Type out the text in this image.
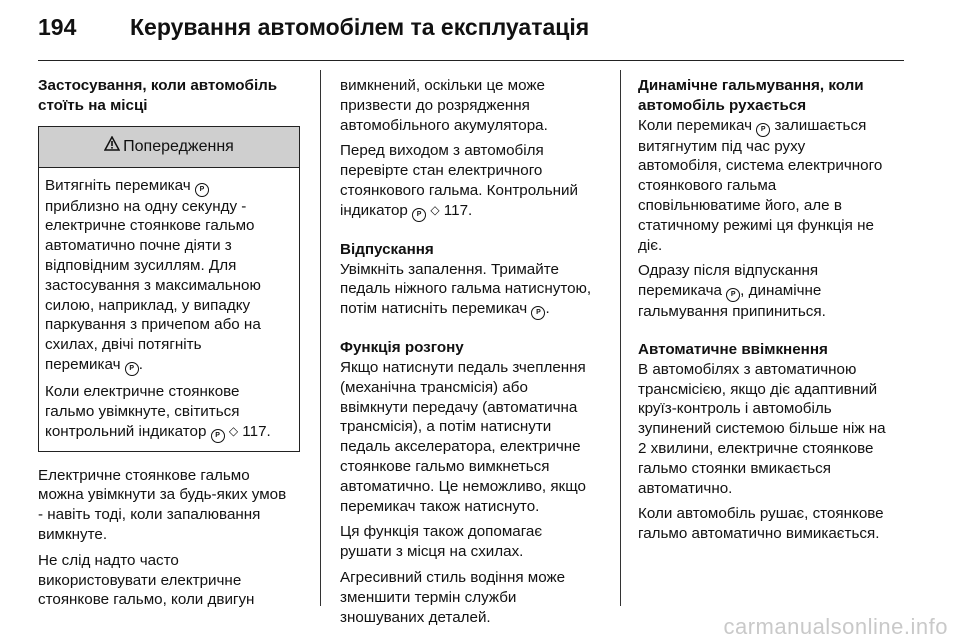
194 Керування автомобілем та експлуатація

Застосування, коли автомобіль
стоїть на місці

Попередження

Витягніть перемикач P
приблизно на одну секунду -
електричне стоянкове гальмо
автоматично почне діяти з
відповідним зусиллям. Для
застосування з максимальною
силою, наприклад, у випадку
паркування з причепом або на
схилах, двічі потягніть
перемикач P .

Коли електричне стоянкове
гальмо увімкнуте, світиться
контрольний індикатор P ◇ 117.

Електричне стоянкове гальмо
можна увімкнути за будь-яких умов
- навіть тоді, коли запалювання
вимкнуте.

Не слід надто часто
використовувати електричне
стоянкове гальмо, коли двигун

вимкнений, оскільки це може
призвести до розрядження
автомобільного акумулятора.

Перед виходом з автомобіля
перевірте стан електричного
стоянкового гальма. Контрольний
індикатор P ◇ 117.

Відпускання

Увімкніть запалення. Тримайте
педаль ніжного гальма натиснутою,
потім натисніть перемикач P .

Функція розгону

Якщо натиснути педаль зчеплення
(механічна трансмісія) або
ввімкнути передачу (автоматична
трансмісія), а потім натиснути
педаль акселератора, електричне
стоянкове гальмо вимкнеться
автоматично. Це неможливо, якщо
перемикач також натиснуто.

Ця функція також допомагає
рушати з місця на схилах.

Агресивний стиль водіння може
зменшити термін служби
зношуваних деталей.

Динамічне гальмування, коли
автомобіль рухається

Коли перемикач P залишається
витягнутим під час руху
автомобіля, система електричного
стоянкового гальма
сповільнюватиме його, але в
статичному режимі ця функція не
діє.

Одразу після відпускання
перемикача P , динамічне
гальмування припиниться.

Автоматичне ввімкнення

В автомобілях з автоматичною
трансмісією, якщо діє адаптивний
круїз-контроль і автомобіль
зупинений системою більше ніж на
2 хвилини, електричне стоянкове
гальмо стоянки вмикається
автоматично.

Коли автомобіль рушає, стоянкове
гальмо автоматично вимикається.

carmanualsonline.info
